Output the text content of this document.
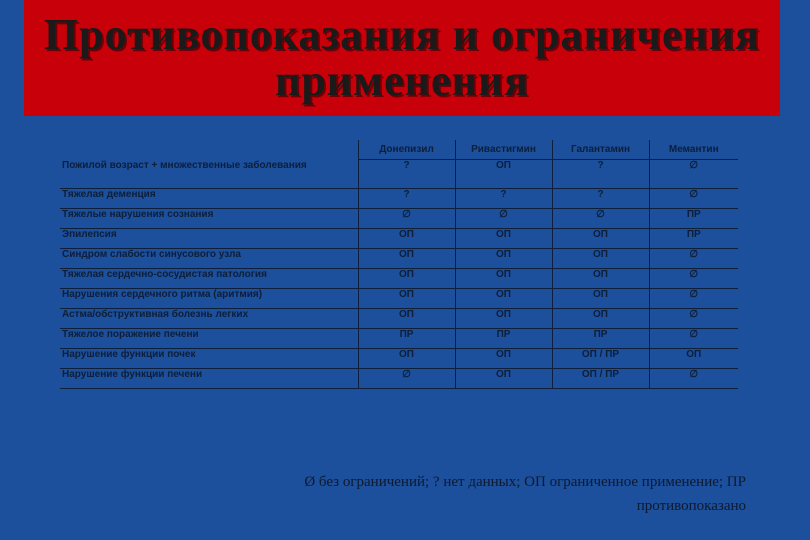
Противопоказания и ограничения
применения
	Донепизил	Ривастигмин	Галантамин	Мемантин
Пожилой возраст + множественные заболевания	?	ОП	?	∅
Тяжелая деменция	?	?	?	∅
Тяжелые нарушения сознания	∅	∅	∅	ПР
Эпилепсия	ОП	ОП	ОП	ПР
Синдром слабости синусового узла	ОП	ОП	ОП	∅
Тяжелая сердечно-сосудистая патология	ОП	ОП	ОП	∅
Нарушения сердечного ритма (аритмия)	ОП	ОП	ОП	∅
Астма/обструктивная болезнь легких	ОП	ОП	ОП	∅
Тяжелое поражение печени	ПР	ПР	ПР	∅
Нарушение функции почек	ОП	ОП	ОП / ПР	ОП
Нарушение функции печени	∅	ОП	ОП / ПР	∅
Ø без ограничений; ? нет данных; ОП ограниченное применение; ПР
противопоказано
